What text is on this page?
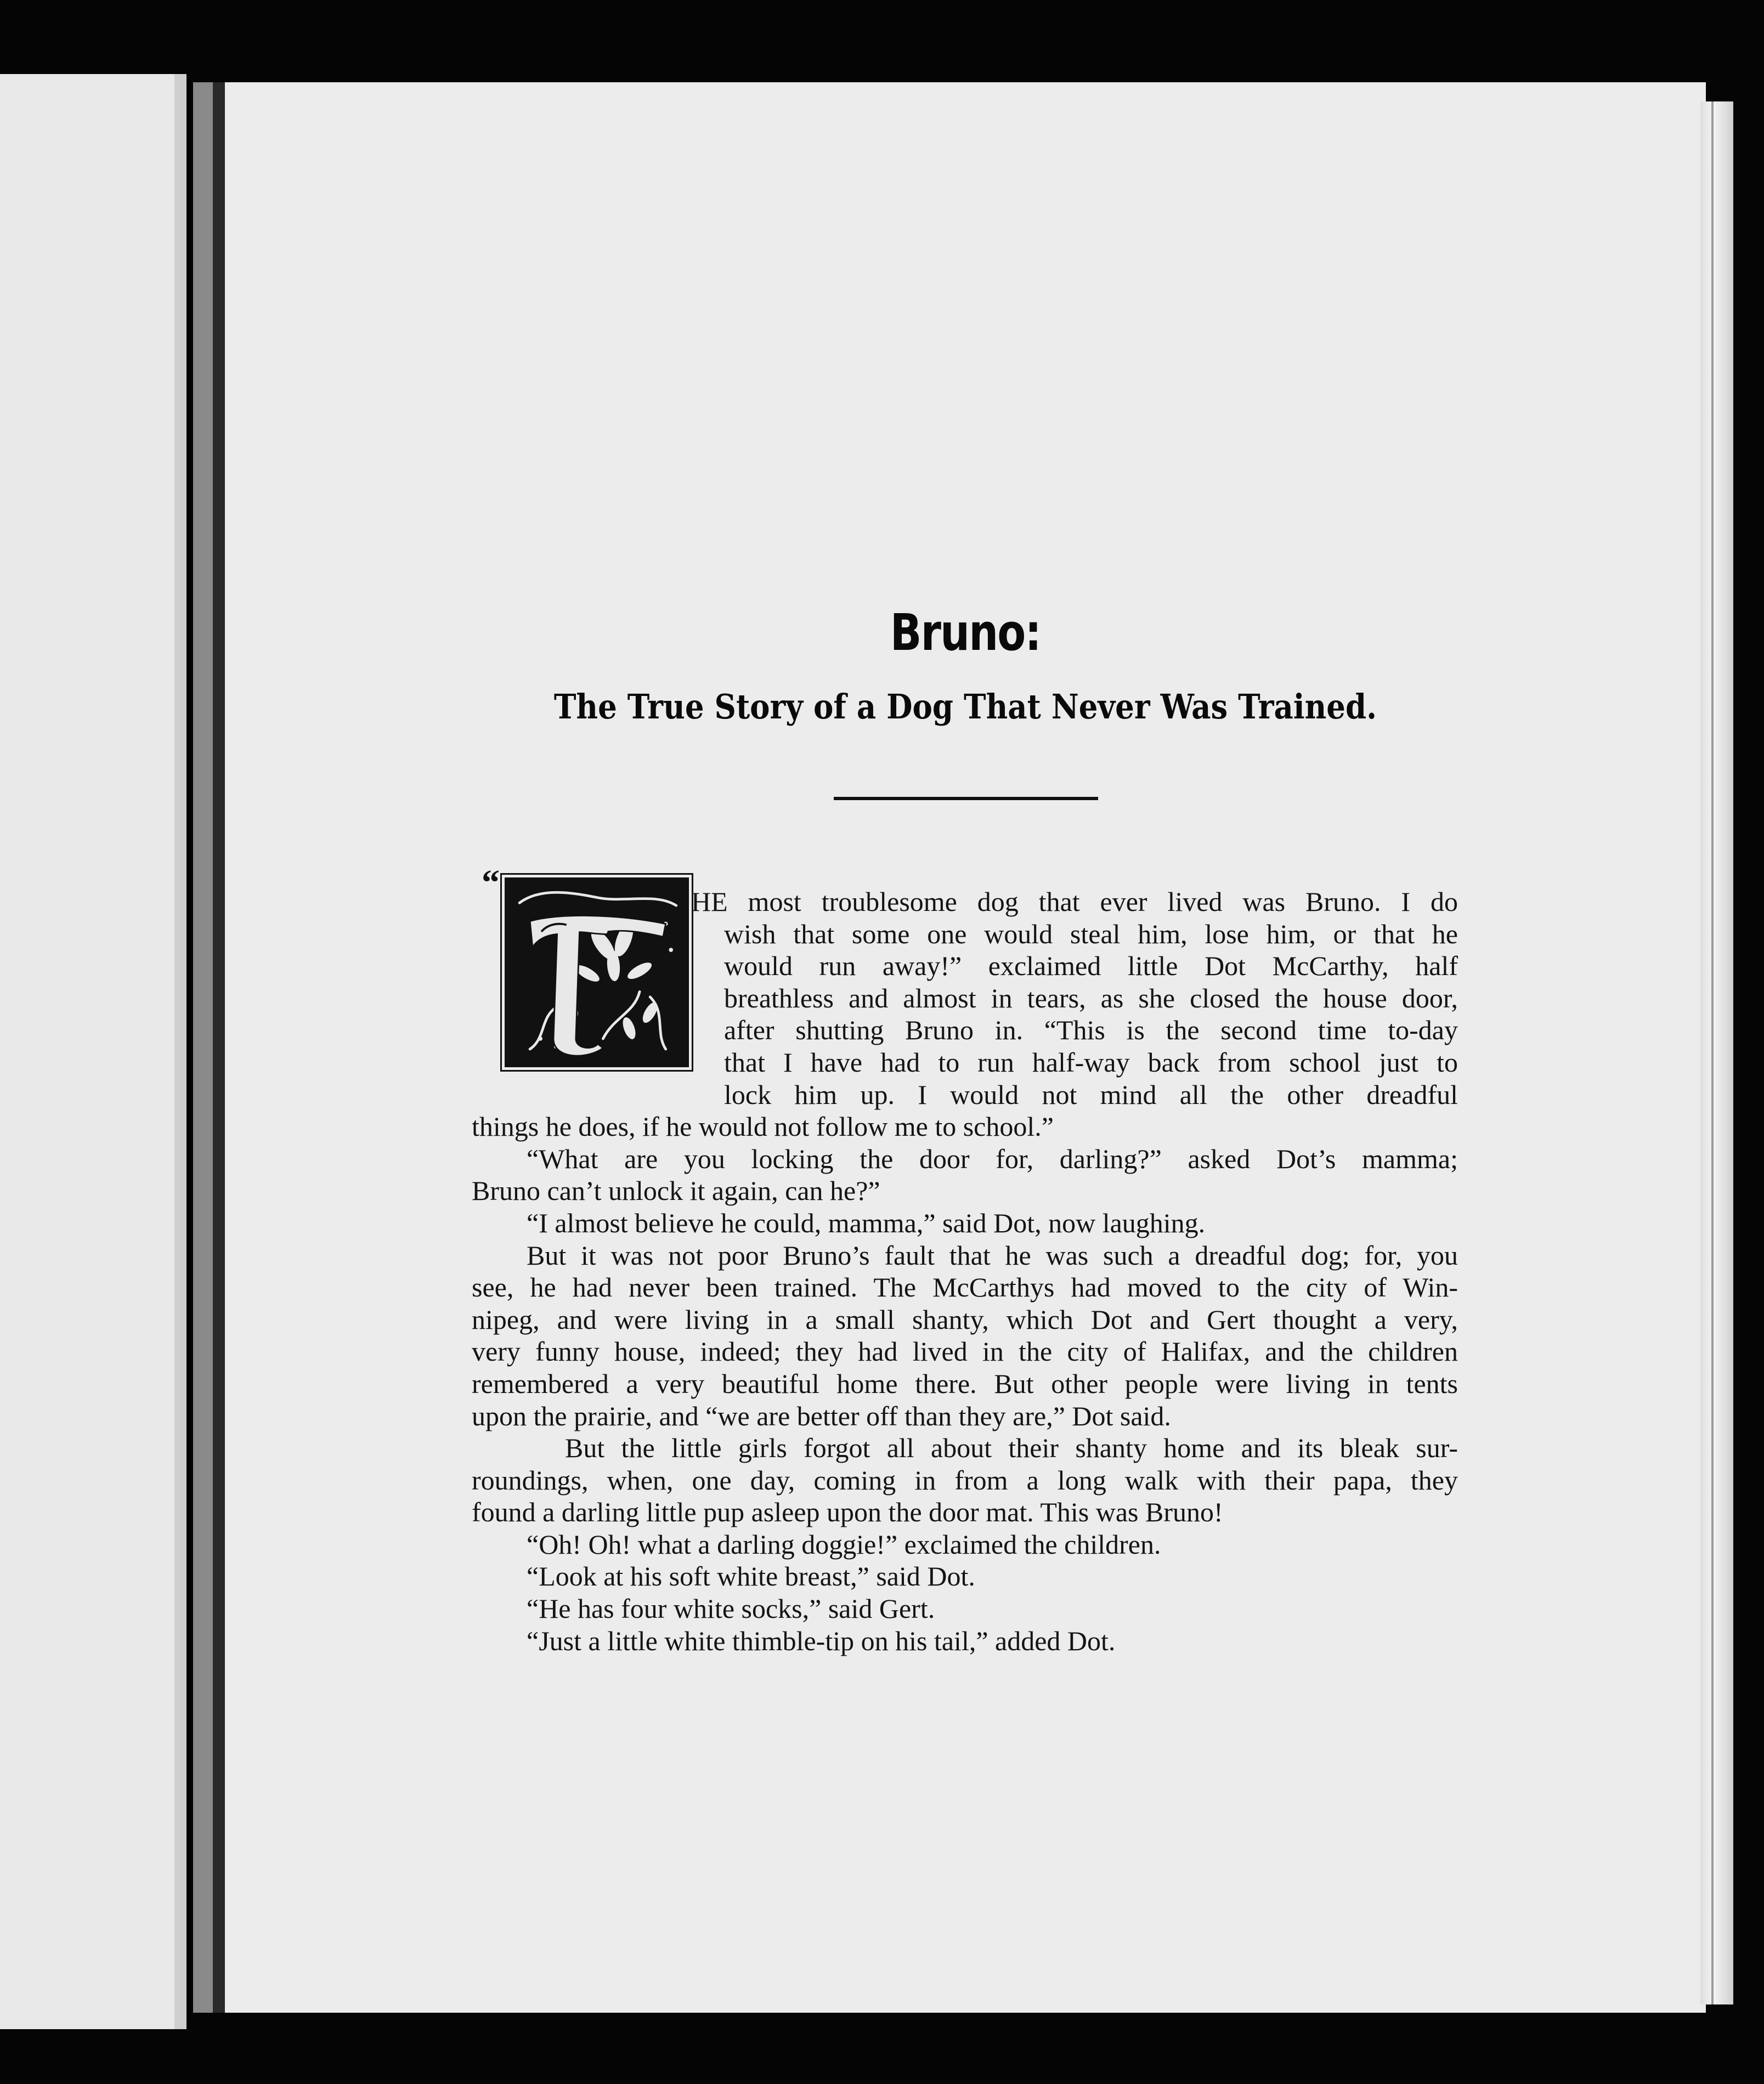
Bruno:
The True Story of a Dog That Never Was Trained.
“	HE most troublesome dog that ever lived was Bruno. I do
wish that some one would steal him, lose him, or that he
would run away!” exclaimed little Dot McCarthy, half
breathless and almost in tears, as she closed the house door,
after shutting Bruno in. “This is the second time to-day
that I have had to run half-way back from school just to
lock him up. I would not mind all the other dreadful
things he does, if he would not follow me to school.”
“What are you locking the door for, darling?” asked Dot’s mamma;
Bruno can’t unlock it again, can he?”
“I almost believe he could, mamma,” said Dot, now laughing.
But it was not poor Bruno’s fault that he was such a dreadful dog; for, you
see, he had never been trained. The McCarthys had moved to the city of Win-
nipeg, and were living in a small shanty, which Dot and Gert thought a very,
very funny house, indeed; they had lived in the city of Halifax, and the children
remembered a very beautiful home there. But other people were living in tents
upon the prairie, and “we are better off than they are,” Dot said.
But the little girls forgot all about their shanty home and its bleak sur-
roundings, when, one day, coming in from a long walk with their papa, they
found a darling little pup asleep upon the door mat. This was Bruno!
“Oh! Oh! what a darling doggie!” exclaimed the children.
“Look at his soft white breast,” said Dot.
“He has four white socks,” said Gert.
“Just a little white thimble-tip on his tail,” added Dot.
